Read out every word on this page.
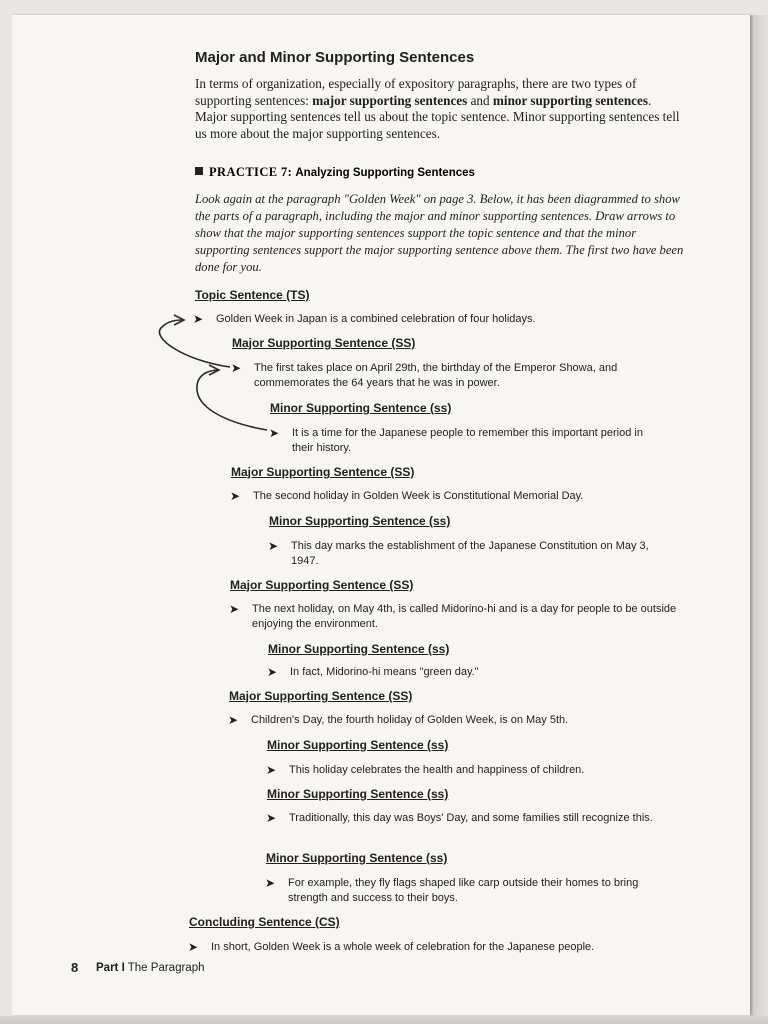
Major and Minor Supporting Sentences
In terms of organization, especially of expository paragraphs, there are two types of supporting sentences: major supporting sentences and minor supporting sentences. Major supporting sentences tell us about the topic sentence. Minor supporting sentences tell us more about the major supporting sentences.
PRACTICE 7: Analyzing Supporting Sentences
Look again at the paragraph "Golden Week" on page 3. Below, it has been diagrammed to show the parts of a paragraph, including the major and minor supporting sentences. Draw arrows to show that the major supporting sentences support the topic sentence and that the minor supporting sentences support the major supporting sentence above them. The first two have been done for you.
Topic Sentence (TS)
➤ Golden Week in Japan is a combined celebration of four holidays.
Major Supporting Sentence (SS)
➤ The first takes place on April 29th, the birthday of the Emperor Showa, and commemorates the 64 years that he was in power.
Minor Supporting Sentence (ss)
➤ It is a time for the Japanese people to remember this important period in their history.
Major Supporting Sentence (SS)
➤ The second holiday in Golden Week is Constitutional Memorial Day.
Minor Supporting Sentence (ss)
➤ This day marks the establishment of the Japanese Constitution on May 3, 1947.
Major Supporting Sentence (SS)
➤ The next holiday, on May 4th, is called Midorino-hi and is a day for people to be outside enjoying the environment.
Minor Supporting Sentence (ss)
➤ In fact, Midorino-hi means "green day."
Major Supporting Sentence (SS)
➤ Children's Day, the fourth holiday of Golden Week, is on May 5th.
Minor Supporting Sentence (ss)
➤ This holiday celebrates the health and happiness of children.
Minor Supporting Sentence (ss)
➤ Traditionally, this day was Boys' Day, and some families still recognize this.
Minor Supporting Sentence (ss)
➤ For example, they fly flags shaped like carp outside their homes to bring strength and success to their boys.
Concluding Sentence (CS)
➤ In short, Golden Week is a whole week of celebration for the Japanese people.
8 Part I The Paragraph
